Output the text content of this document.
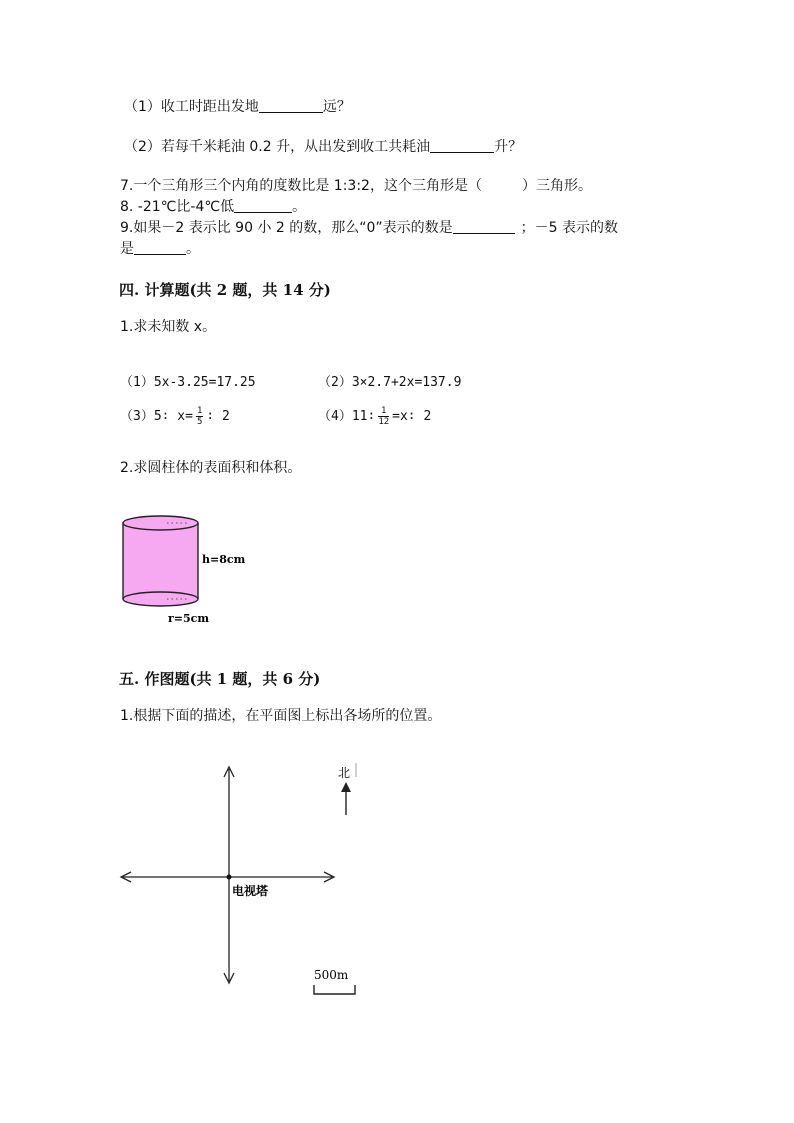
（1）收工时距出发地	远？
（2）若每千米耗油 0.2 升，从出发到收工共耗油	升？
7.一个三角形三个内角的度数比是 1:3:2，这个三角形是（	）三角形。
8. -21℃比-4℃低	。
9.如果－2 表示比 90 小 2 的数，那么“0”表示的数是	；－5 表示的数
是	。
四. 计算题(共 2 题，共 14 分)
1.求未知数 x。
（1）5x-3.25=17.25	（2）3×2.7+2x=137.9
（3）5∶ $x= \frac{1}{5}$ ∶ 2	（4）11∶ $\frac{1}{12}$ =x∶ 2
2.求圆柱体的表面积和体积。
h=8cm
r=5cm
五. 作图题(共 1 题，共 6 分)
1.根据下面的描述，在平面图上标出各场所的位置。
电视塔
北
500m
